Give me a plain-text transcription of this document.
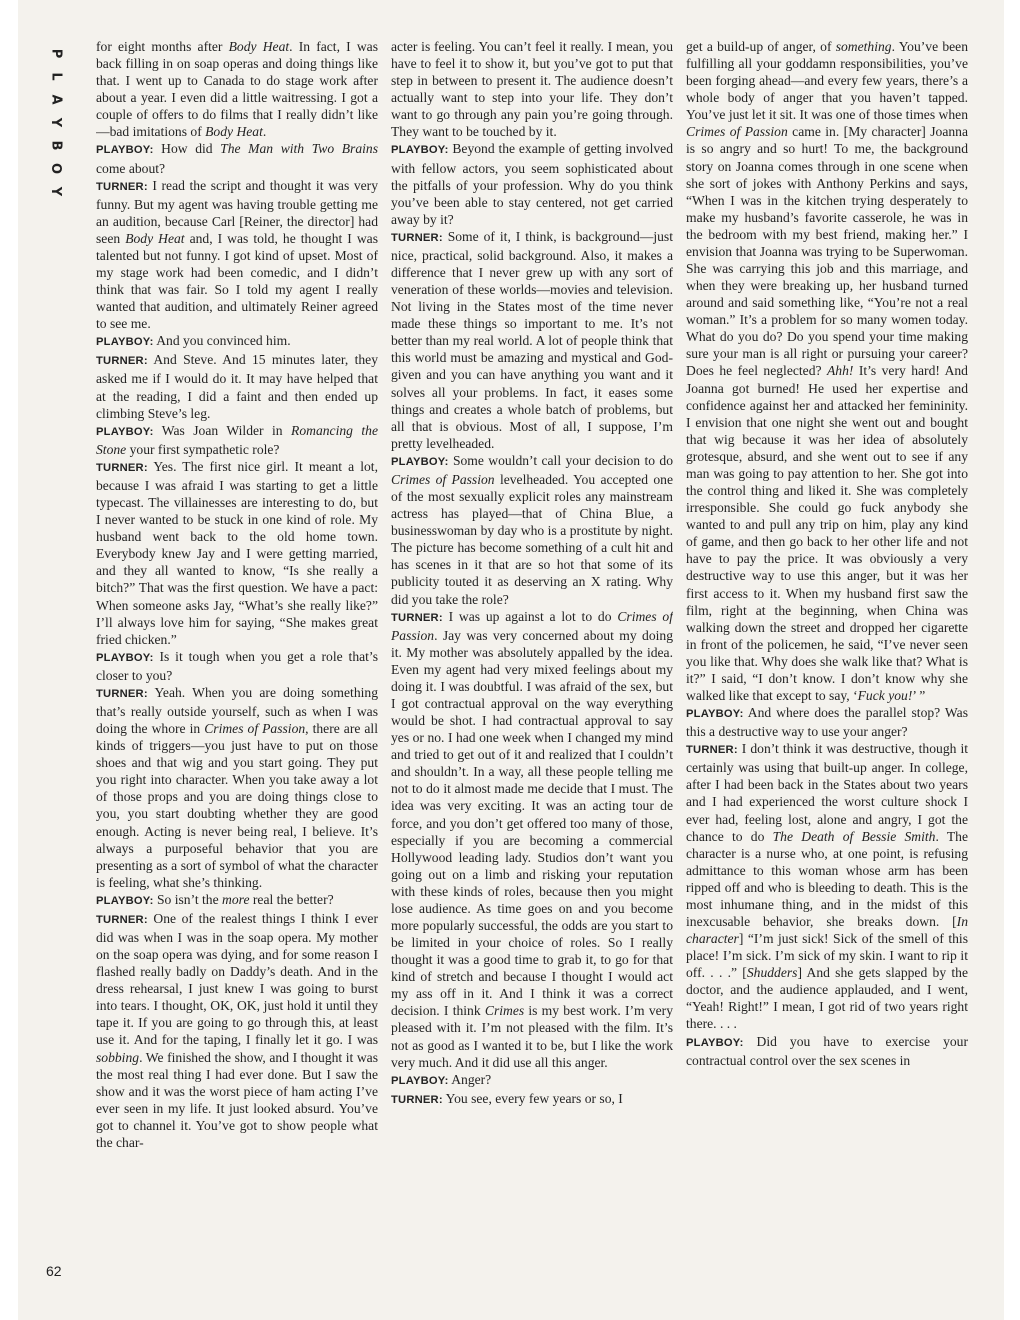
P
L
A
Y
B
O
Y
62

for eight months after Body Heat. In fact, I was back filling in on soap operas and doing things like that. I went up to Canada to do stage work after about a year. I even did a little waitressing. I got a couple of offers to do films that I really didn’t like—bad imitations of Body Heat.

PLAYBOY: How did The Man with Two Brains come about?

TURNER: I read the script and thought it was very funny. But my agent was having trouble getting me an audition, because Carl [Reiner, the director] had seen Body Heat and, I was told, he thought I was talented but not funny. I got kind of upset. Most of my stage work had been comedic, and I didn’t think that was fair. So I told my agent I really wanted that audition, and ultimately Reiner agreed to see me.

PLAYBOY: And you convinced him.

TURNER: And Steve. And 15 minutes later, they asked me if I would do it. It may have helped that at the reading, I did a faint and then ended up climbing Steve’s leg.

PLAYBOY: Was Joan Wilder in Romancing the Stone your first sympathetic role?

TURNER: Yes. The first nice girl. It meant a lot, because I was afraid I was starting to get a little typecast. The villainesses are interesting to do, but I never wanted to be stuck in one kind of role. My husband went back to the old home town. Everybody knew Jay and I were getting married, and they all wanted to know, “Is she really a bitch?” That was the first question. We have a pact: When someone asks Jay, “What’s she really like?” I’ll always love him for saying, “She makes great fried chicken.”

PLAYBOY: Is it tough when you get a role that’s closer to you?

TURNER: Yeah. When you are doing something that’s really outside yourself, such as when I was doing the whore in Crimes of Passion, there are all kinds of triggers—you just have to put on those shoes and that wig and you start going. They put you right into character. When you take away a lot of those props and you are doing things close to you, you start doubting whether they are good enough. Acting is never being real, I believe. It’s always a purposeful behavior that you are presenting as a sort of symbol of what the character is feeling, what she’s thinking.

PLAYBOY: So isn’t the more real the better?

TURNER: One of the realest things I think I ever did was when I was in the soap opera. My mother on the soap opera was dying, and for some reason I flashed really badly on Daddy’s death. And in the dress rehearsal, I just knew I was going to burst into tears. I thought, OK, OK, just hold it until they tape it. If you are going to go through this, at least use it. And for the taping, I finally let it go. I was sobbing. We finished the show, and I thought it was the most real thing I had ever done. But I saw the show and it was the worst piece of ham acting I’ve ever seen in my life. It just looked absurd. You’ve got to channel it. You’ve got to show people what the char-

acter is feeling. You can’t feel it really. I mean, you have to feel it to show it, but you’ve got to put that step in between to present it. The audience doesn’t actually want to step into your life. They don’t want to go through any pain you’re going through. They want to be touched by it.

PLAYBOY: Beyond the example of getting involved with fellow actors, you seem sophisticated about the pitfalls of your profession. Why do you think you’ve been able to stay centered, not get carried away by it?

TURNER: Some of it, I think, is background—just nice, practical, solid background. Also, it makes a difference that I never grew up with any sort of veneration of these worlds—movies and television. Not living in the States most of the time never made these things so important to me. It’s not better than my real world. A lot of people think that this world must be amazing and mystical and God-given and you can have anything you want and it solves all your problems. In fact, it eases some things and creates a whole batch of problems, but all that is obvious. Most of all, I suppose, I’m pretty levelheaded.

PLAYBOY: Some wouldn’t call your decision to do Crimes of Passion levelheaded. You accepted one of the most sexually explicit roles any mainstream actress has played—that of China Blue, a businesswoman by day who is a prostitute by night. The picture has become something of a cult hit and has scenes in it that are so hot that some of its publicity touted it as deserving an X rating. Why did you take the role?

TURNER: I was up against a lot to do Crimes of Passion. Jay was very concerned about my doing it. My mother was absolutely appalled by the idea. Even my agent had very mixed feelings about my doing it. I was doubtful. I was afraid of the sex, but I got contractual approval on the way everything would be shot. I had contractual approval to say yes or no. I had one week when I changed my mind and tried to get out of it and realized that I couldn’t and shouldn’t. In a way, all these people telling me not to do it almost made me decide that I must. The idea was very exciting. It was an acting tour de force, and you don’t get offered too many of those, especially if you are becoming a commercial Hollywood leading lady. Studios don’t want you going out on a limb and risking your reputation with these kinds of roles, because then you might lose audience. As time goes on and you become more popularly successful, the odds are you start to be limited in your choice of roles. So I really thought it was a good time to grab it, to go for that kind of stretch and because I thought I would act my ass off in it. And I think it was a correct decision. I think Crimes is my best work. I’m very pleased with it. I’m not pleased with the film. It’s not as good as I wanted it to be, but I like the work very much. And it did use all this anger.

PLAYBOY: Anger?

TURNER: You see, every few years or so, I

get a build-up of anger, of something. You’ve been fulfilling all your goddamn responsibilities, you’ve been forging ahead—and every few years, there’s a whole body of anger that you haven’t tapped. You’ve just let it sit. It was one of those times when Crimes of Passion came in. [My character] Joanna is so angry and so hurt! To me, the background story on Joanna comes through in one scene when she sort of jokes with Anthony Perkins and says, “When I was in the kitchen trying desperately to make my husband’s favorite casserole, he was in the bedroom with my best friend, making her.” I envision that Joanna was trying to be Superwoman. She was carrying this job and this marriage, and when they were breaking up, her husband turned around and said something like, “You’re not a real woman.” It’s a problem for so many women today. What do you do? Do you spend your time making sure your man is all right or pursuing your career? Does he feel neglected? Ahh! It’s very hard! And Joanna got burned! He used her expertise and confidence against her and attacked her femininity. I envision that one night she went out and bought that wig because it was her idea of absolutely grotesque, absurd, and she went out to see if any man was going to pay attention to her. She got into the control thing and liked it. She was completely irresponsible. She could go fuck anybody she wanted to and pull any trip on him, play any kind of game, and then go back to her other life and not have to pay the price. It was obviously a very destructive way to use this anger, but it was her first access to it. When my husband first saw the film, right at the beginning, when China was walking down the street and dropped her cigarette in front of the policemen, he said, “I’ve never seen you like that. Why does she walk like that? What is it?” I said, “I don’t know. I don’t know why she walked like that except to say, ‘Fuck you!’ ”

PLAYBOY: And where does the parallel stop? Was this a destructive way to use your anger?

TURNER: I don’t think it was destructive, though it certainly was using that built-up anger. In college, after I had been back in the States about two years and I had experienced the worst culture shock I ever had, feeling lost, alone and angry, I got the chance to do The Death of Bessie Smith. The character is a nurse who, at one point, is refusing admittance to this woman whose arm has been ripped off and who is bleeding to death. This is the most inhumane thing, and in the midst of this inexcusable behavior, she breaks down. [In character] “I’m just sick! Sick of the smell of this place! I’m sick. I’m sick of my skin. I want to rip it off. . . .” [Shudders] And she gets slapped by the doctor, and the audience applauded, and I went, “Yeah! Right!” I mean, I got rid of two years right there. . . .

PLAYBOY: Did you have to exercise your contractual control over the sex scenes in
